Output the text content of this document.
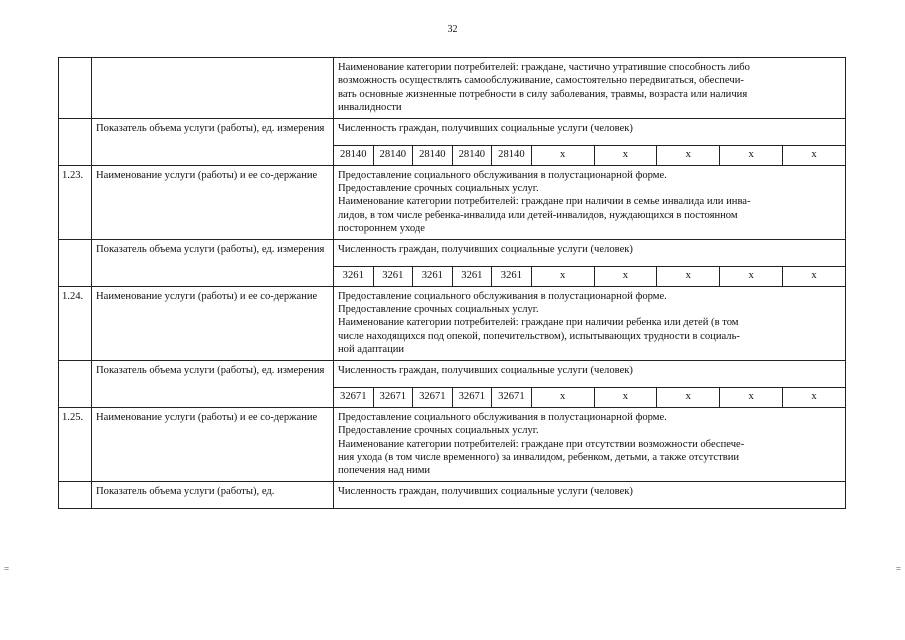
32
=	=

Наименование категории потребителей: граждане, частично утратившие способность либо
возможность осуществлять самообслуживание, самостоятельно передвигаться, обеспечи-
вать основные жизненные потребности в силу заболевания, травмы, возраста или наличия
инвалидности

	Показатель объема услуги (работы), ед. измерения	Численность граждан, получивших социальные услуги (человек)

28140	28140	28140	28140	28140	x	x	x	x	x

1.23.	Наименование услуги (работы) и ее со-держание	Предоставление социального обслуживания в полустационарной форме.
Предоставление срочных социальных услуг.
Наименование категории потребителей: граждане при наличии в семье инвалида или инва-
лидов, в том числе ребенка-инвалида или детей-инвалидов, нуждающихся в постоянном
постороннем уходе

	Показатель объема услуги (работы), ед. измерения	Численность граждан, получивших социальные услуги (человек)

3261	3261	3261	3261	3261	x	x	x	x	x

1.24.	Наименование услуги (работы) и ее со-держание	Предоставление социального обслуживания в полустационарной форме.
Предоставление срочных социальных услуг.
Наименование категории потребителей: граждане при наличии ребенка или детей (в том
числе находящихся под опекой, попечительством), испытывающих трудности в социаль-
ной адаптации

	Показатель объема услуги (работы), ед. измерения	Численность граждан, получивших социальные услуги (человек)

32671	32671	32671	32671	32671	x	x	x	x	x

1.25.	Наименование услуги (работы) и ее со-держание	Предоставление социального обслуживания в полустационарной форме.
Предоставление срочных социальных услуг.
Наименование категории потребителей: граждане при отсутствии возможности обеспече-
ния ухода (в том числе временного) за инвалидом, ребенком, детьми, а также отсутствии
попечения над ними

	Показатель объема услуги (работы), ед.	Численность граждан, получивших социальные услуги (человек)
